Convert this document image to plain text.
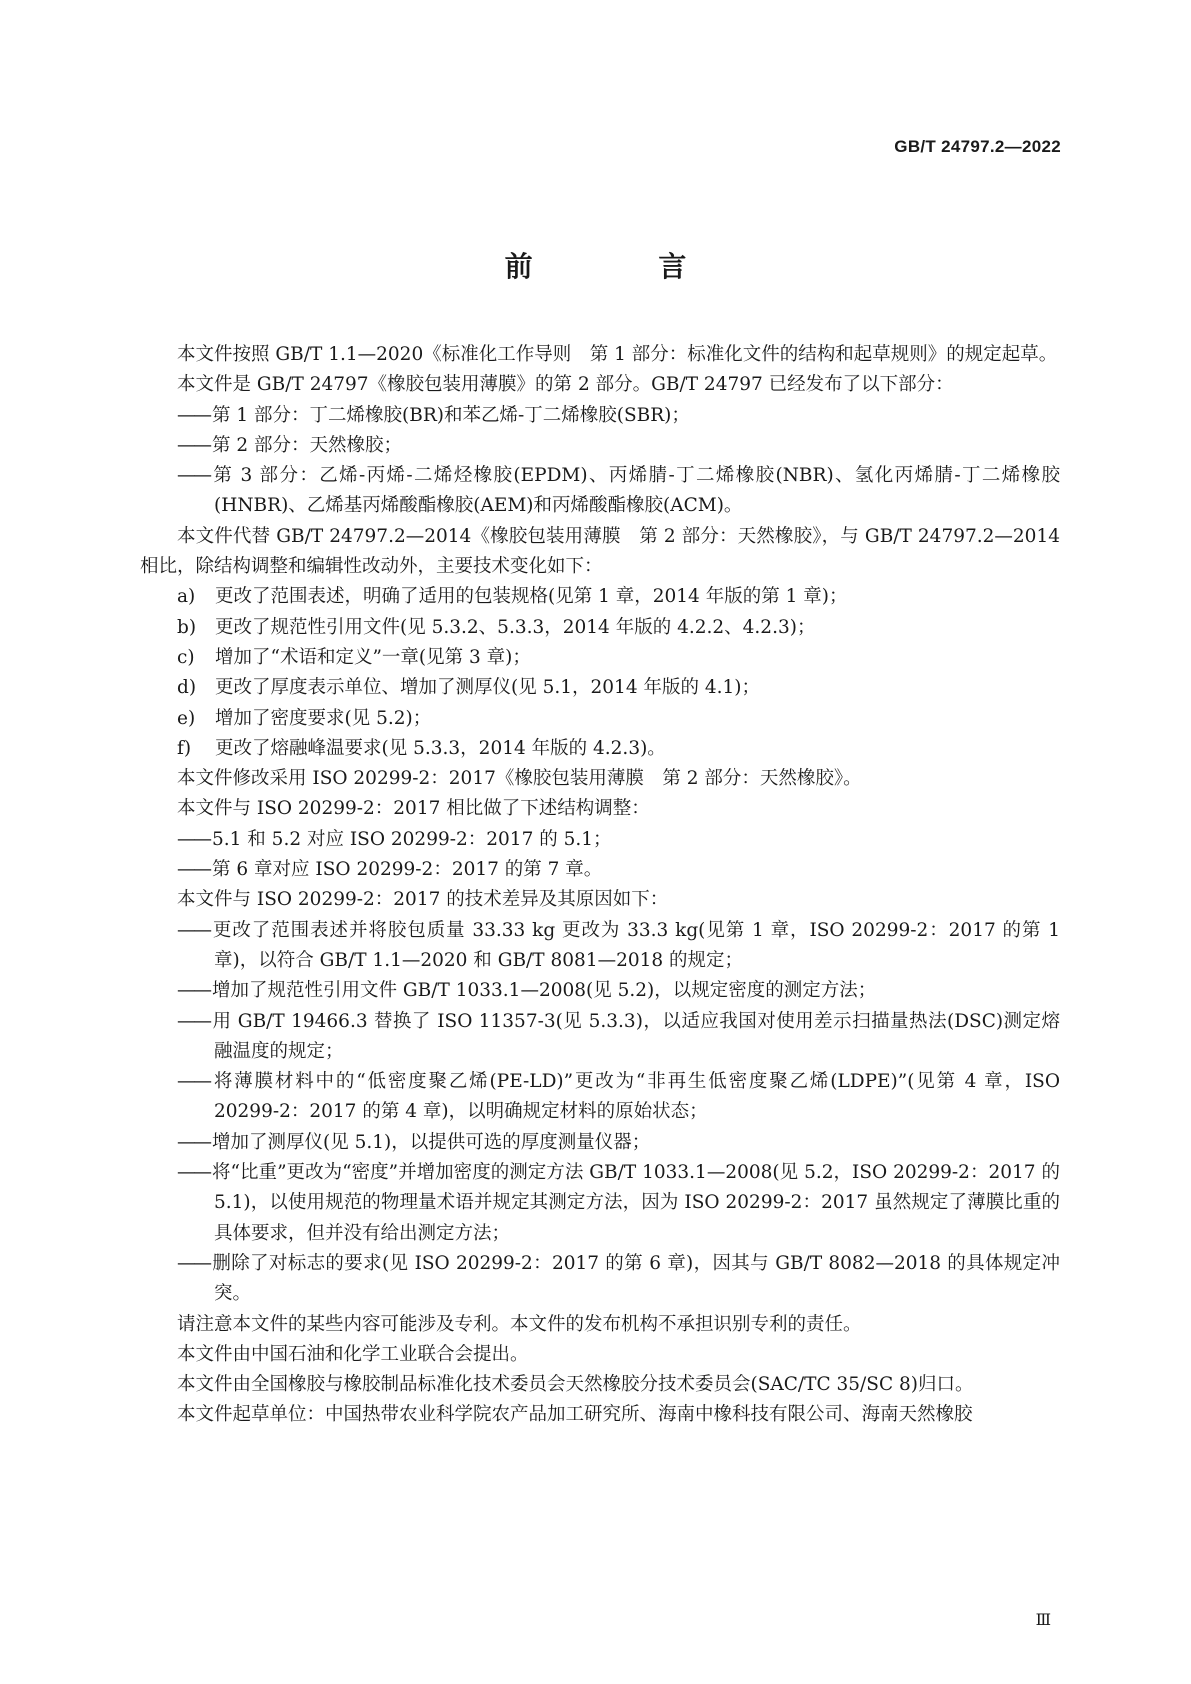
GB/T 24797.2—2022
前 言

本文件按照 GB/T 1.1—2020《标准化工作导则　第 1 部分：标准化文件的结构和起草规则》的规定起草。

本文件是 GB/T 24797《橡胶包装用薄膜》的第 2 部分。GB/T 24797 已经发布了以下部分：

—— 第 1 部分：丁二烯橡胶(BR)和苯乙烯-丁二烯橡胶(SBR)；

—— 第 2 部分：天然橡胶；

—— 第 3 部分：乙烯-丙烯-二烯烃橡胶(EPDM)、丙烯腈-丁二烯橡胶(NBR)、氢化丙烯腈-丁二烯橡胶(HNBR)、乙烯基丙烯酸酯橡胶(AEM)和丙烯酸酯橡胶(ACM)。

本文件代替 GB/T 24797.2—2014《橡胶包装用薄膜　第 2 部分：天然橡胶》，与 GB/T 24797.2—2014 相比，除结构调整和编辑性改动外，主要技术变化如下：

a)	更改了范围表述，明确了适用的包装规格(见第 1 章，2014 年版的第 1 章)；

b)	更改了规范性引用文件(见 5.3.2、5.3.3，2014 年版的 4.2.2、4.2.3)；

c)	增加了“术语和定义”一章(见第 3 章)；

d)	更改了厚度表示单位、增加了测厚仪(见 5.1，2014 年版的 4.1)；

e)	增加了密度要求(见 5.2)；

f)	更改了熔融峰温要求(见 5.3.3，2014 年版的 4.2.3)。

本文件修改采用 ISO 20299-2：2017《橡胶包装用薄膜　第 2 部分：天然橡胶》。

本文件与 ISO 20299-2：2017 相比做了下述结构调整：

—— 5.1 和 5.2 对应 ISO 20299-2：2017 的 5.1；

—— 第 6 章对应 ISO 20299-2：2017 的第 7 章。

本文件与 ISO 20299-2：2017 的技术差异及其原因如下：

—— 更改了范围表述并将胶包质量 33.33 kg 更改为 33.3 kg(见第 1 章，ISO 20299-2：2017 的第 1 章)，以符合 GB/T 1.1—2020 和 GB/T 8081—2018 的规定；

—— 增加了规范性引用文件 GB/T 1033.1—2008(见 5.2)，以规定密度的测定方法；

—— 用 GB/T 19466.3 替换了 ISO 11357-3(见 5.3.3)，以适应我国对使用差示扫描量热法(DSC)测定熔融温度的规定；

—— 将薄膜材料中的“低密度聚乙烯(PE-LD)”更改为“非再生低密度聚乙烯(LDPE)”(见第 4 章，ISO 20299-2：2017 的第 4 章)，以明确规定材料的原始状态；

—— 增加了测厚仪(见 5.1)，以提供可选的厚度测量仪器；

—— 将“比重”更改为“密度”并增加密度的测定方法 GB/T 1033.1—2008(见 5.2，ISO 20299-2：2017 的 5.1)，以使用规范的物理量术语并规定其测定方法，因为 ISO 20299-2：2017 虽然规定了薄膜比重的具体要求，但并没有给出测定方法；

—— 删除了对标志的要求(见 ISO 20299-2：2017 的第 6 章)，因其与 GB/T 8082—2018 的具体规定冲突。

请注意本文件的某些内容可能涉及专利。本文件的发布机构不承担识别专利的责任。

本文件由中国石油和化学工业联合会提出。

本文件由全国橡胶与橡胶制品标准化技术委员会天然橡胶分技术委员会(SAC/TC 35/SC 8)归口。

本文件起草单位：中国热带农业科学院农产品加工研究所、海南中橡科技有限公司、海南天然橡胶

Ⅲ
